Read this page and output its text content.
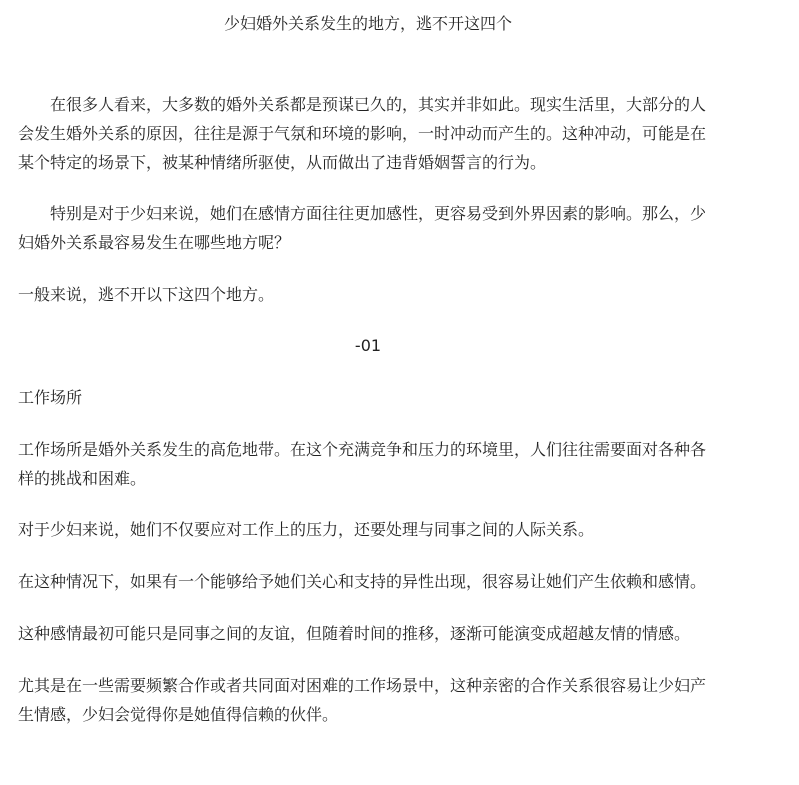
少妇婚外关系发生的地方，逃不开这四个

在很多人看来，大多数的婚外关系都是预谋已久的，其实并非如此。现实生活里，大部分的人会发生婚外关系的原因，往往是源于气氛和环境的影响，一时冲动而产生的。这种冲动，可能是在某个特定的场景下，被某种情绪所驱使，从而做出了违背婚姻誓言的行为。

特别是对于少妇来说，她们在感情方面往往更加感性，更容易受到外界因素的影响。那么，少妇婚外关系最容易发生在哪些地方呢？

一般来说，逃不开以下这四个地方。

-01

工作场所

工作场所是婚外关系发生的高危地带。在这个充满竞争和压力的环境里，人们往往需要面对各种各样的挑战和困难。

对于少妇来说，她们不仅要应对工作上的压力，还要处理与同事之间的人际关系。

在这种情况下，如果有一个能够给予她们关心和支持的异性出现，很容易让她们产生依赖和感情。

这种感情最初可能只是同事之间的友谊，但随着时间的推移，逐渐可能演变成超越友情的情感。

尤其是在一些需要频繁合作或者共同面对困难的工作场景中，这种亲密的合作关系很容易让少妇产生情感，少妇会觉得你是她值得信赖的伙伴。
